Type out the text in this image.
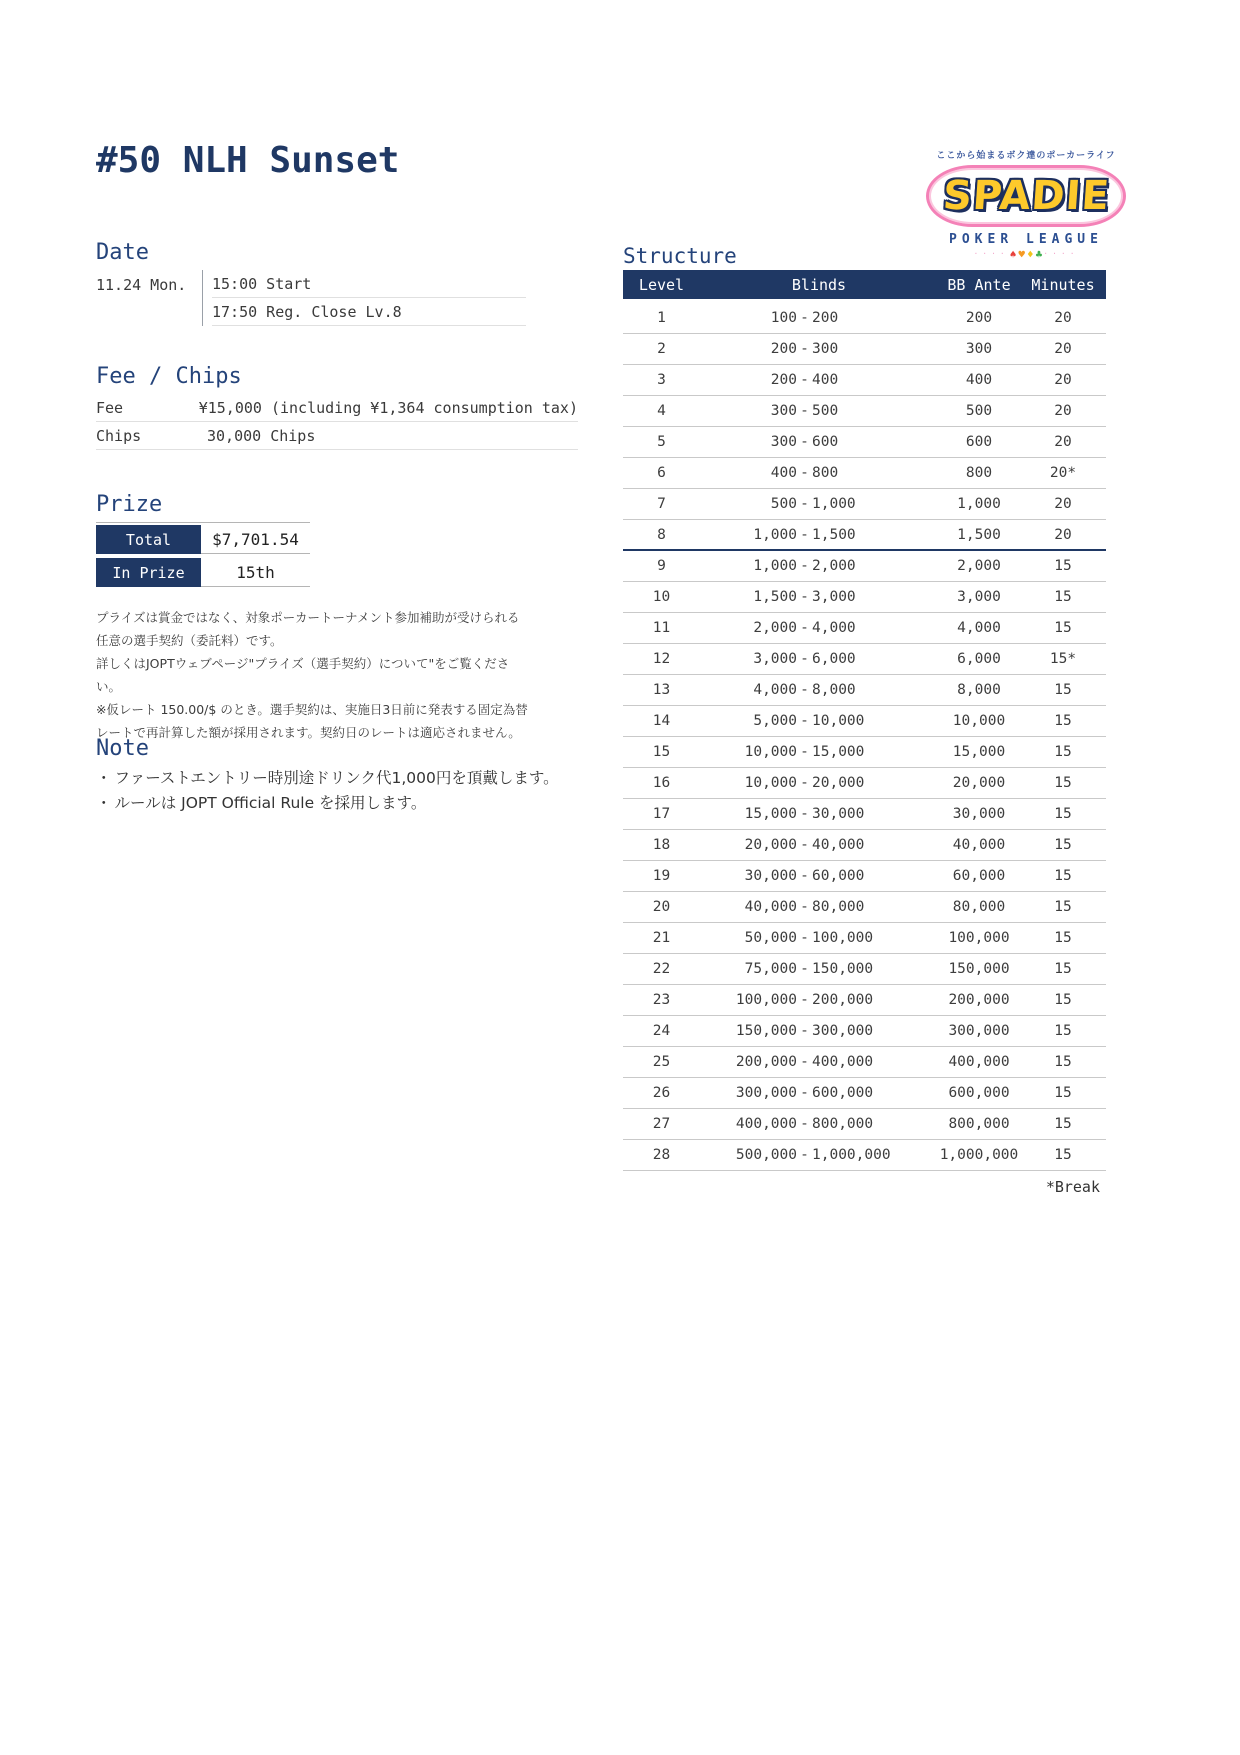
#50 NLH Sunset	ここから始まるボク達のポーカーライフ
SPADIE
POKER LEAGUE
····♠ ♥ ♦ ♣····
Date
11.24 Mon.	15:00 Start
17:50 Reg. Close Lv.8
Fee / Chips
Fee	¥15,000 (including ¥1,364 consumption tax)
Chips	30,000 Chips
Prize
Total	$7,701.54
In Prize	15th

プライズは賞金ではなく、対象ポーカートーナメント参加補助が受けられる任意の選手契約（委託料）です。

詳しくはJOPTウェブページ"プライズ（選手契約）について"をご覧ください。

※仮レート 150.00/$ のとき。選手契約は、実施日3日前に発表する固定為替レートで再計算した額が採用されます。契約日のレートは適応されません。

Note
・ ファーストエントリー時別途ドリンク代1,000円を頂戴します。
・ ルールは JOPT Official Rule を採用します。
Structure
Level	Blinds	BB Ante	Minutes
1	100 - 200	200	20
2	200 - 300	300	20
3	200 - 400	400	20
4	300 - 500	500	20
5	300 - 600	600	20
6	400 - 800	800	20*
7	500 - 1,000	1,000	20
8	1,000 - 1,500	1,500	20
9	1,000 - 2,000	2,000	15
10	1,500 - 3,000	3,000	15
11	2,000 - 4,000	4,000	15
12	3,000 - 6,000	6,000	15*
13	4,000 - 8,000	8,000	15
14	5,000 - 10,000	10,000	15
15	10,000 - 15,000	15,000	15
16	10,000 - 20,000	20,000	15
17	15,000 - 30,000	30,000	15
18	20,000 - 40,000	40,000	15
19	30,000 - 60,000	60,000	15
20	40,000 - 80,000	80,000	15
21	50,000 - 100,000	100,000	15
22	75,000 - 150,000	150,000	15
23	100,000 - 200,000	200,000	15
24	150,000 - 300,000	300,000	15
25	200,000 - 400,000	400,000	15
26	300,000 - 600,000	600,000	15
27	400,000 - 800,000	800,000	15
28	500,000 - 1,000,000	1,000,000	15
*Break
